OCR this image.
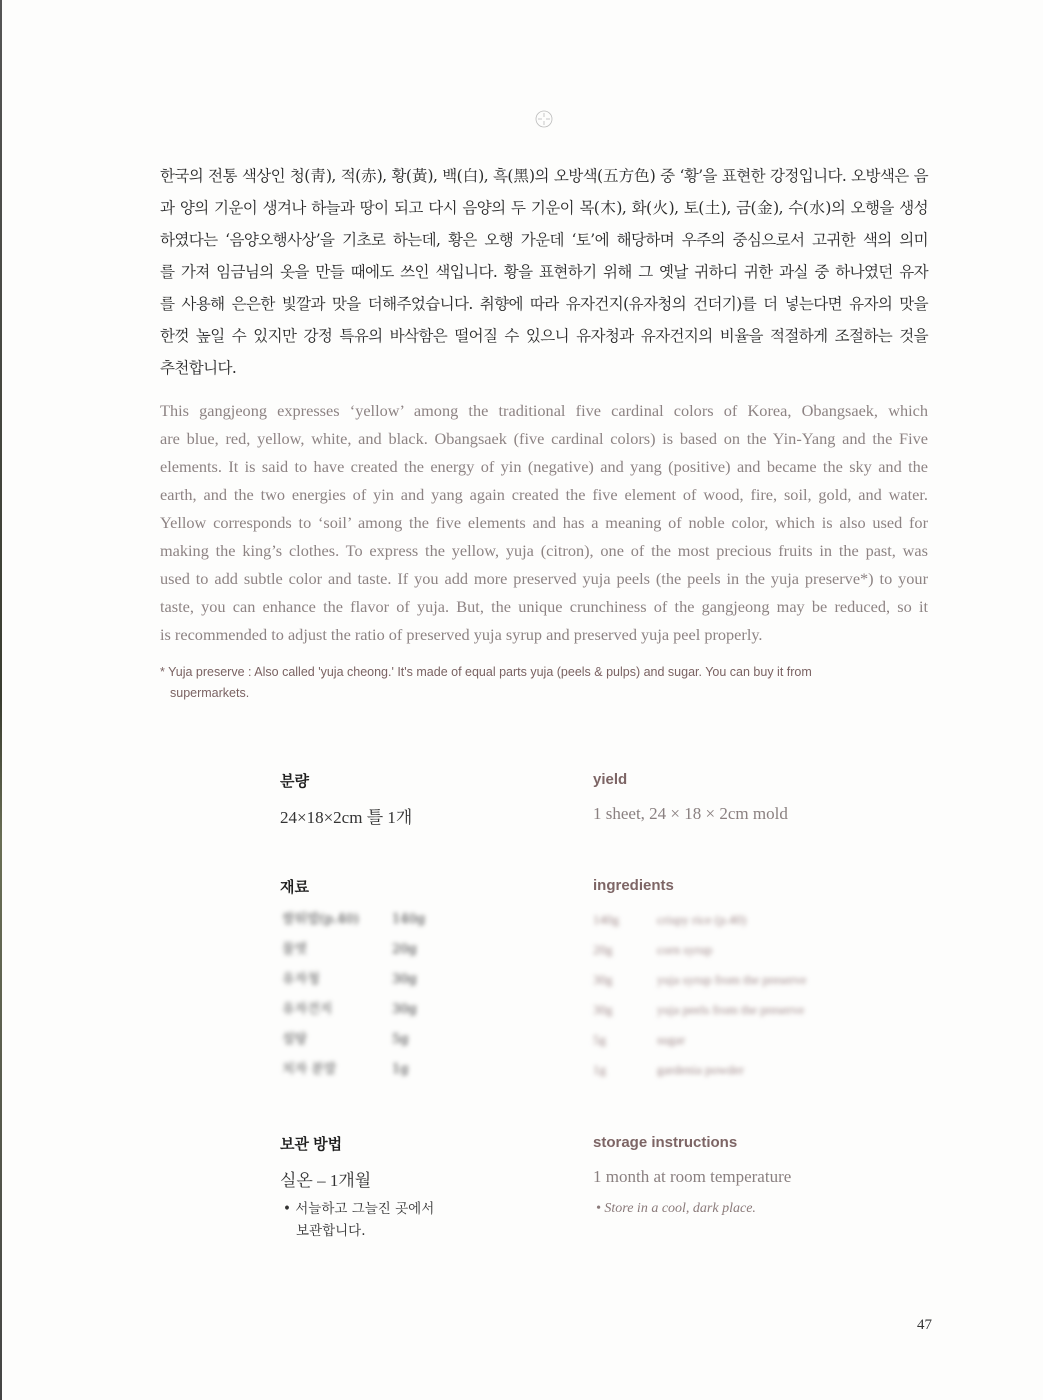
한국의 전통 색상인 청(靑), 적(赤), 황(黃), 백(白), 흑(黑)의 오방색(五方色) 중 ‘황’을 표현한 강정입니다. 오방색은 음
과 양의 기운이 생겨나 하늘과 땅이 되고 다시 음양의 두 기운이 목(木), 화(火), 토(土), 금(金), 수(水)의 오행을 생성
하였다는 ‘음양오행사상’을 기초로 하는데, 황은 오행 가운데 ‘토’에 해당하며 우주의 중심으로서 고귀한 색의 의미
를 가져 임금님의 옷을 만들 때에도 쓰인 색입니다. 황을 표현하기 위해 그 옛날 귀하디 귀한 과실 중 하나였던 유자
를 사용해 은은한 빛깔과 맛을 더해주었습니다. 취향에 따라 유자건지(유자청의 건더기)를 더 넣는다면 유자의 맛을
한껏 높일 수 있지만 강정 특유의 바삭함은 떨어질 수 있으니 유자청과 유자건지의 비율을 적절하게 조절하는 것을
추천합니다.
This gangjeong expresses ‘yellow’ among the traditional five cardinal colors of Korea, Obangsaek, which
are blue, red, yellow, white, and black. Obangsaek (five cardinal colors) is based on the Yin-Yang and the Five
elements. It is said to have created the energy of yin (negative) and yang (positive) and became the sky and the
earth, and the two energies of yin and yang again created the five element of wood, fire, soil, gold, and water.
Yellow corresponds to ‘soil’ among the five elements and has a meaning of noble color, which is also used for
making the king’s clothes. To express the yellow, yuja (citron), one of the most precious fruits in the past, was
used to add subtle color and taste. If you add more preserved yuja peels (the peels in the yuja preserve*) to your
taste, you can enhance the flavor of yuja. But, the unique crunchiness of the gangjeong may be reduced, so it
is recommended to adjust the ratio of preserved yuja syrup and preserved yuja peel properly.
* Yuja preserve : Also called 'yuja cheong.' It's made of equal parts yuja (peels & pulps) and sugar. You can buy it from
supermarkets.
분량	yield
24×18×2cm 틀 1개	1 sheet, 24 × 18 × 2cm mold
재료	ingredients
쌀튀밥(p.40)	140g
물엿	20g
유자청	30g
유자건지	30g
설탕	5g
치자 분말	1g
140g	crispy rice (p.40)
20g	corn syrup
30g	yuja syrup from the preserve
30g	yuja peels from the preserve
5g	sugar
1g	gardenia powder
보관 방법	storage instructions
실온 – 1개월	1 month at room temperature
• 서늘하고 그늘진 곳에서
보관합니다.
• Store in a cool, dark place.
47
